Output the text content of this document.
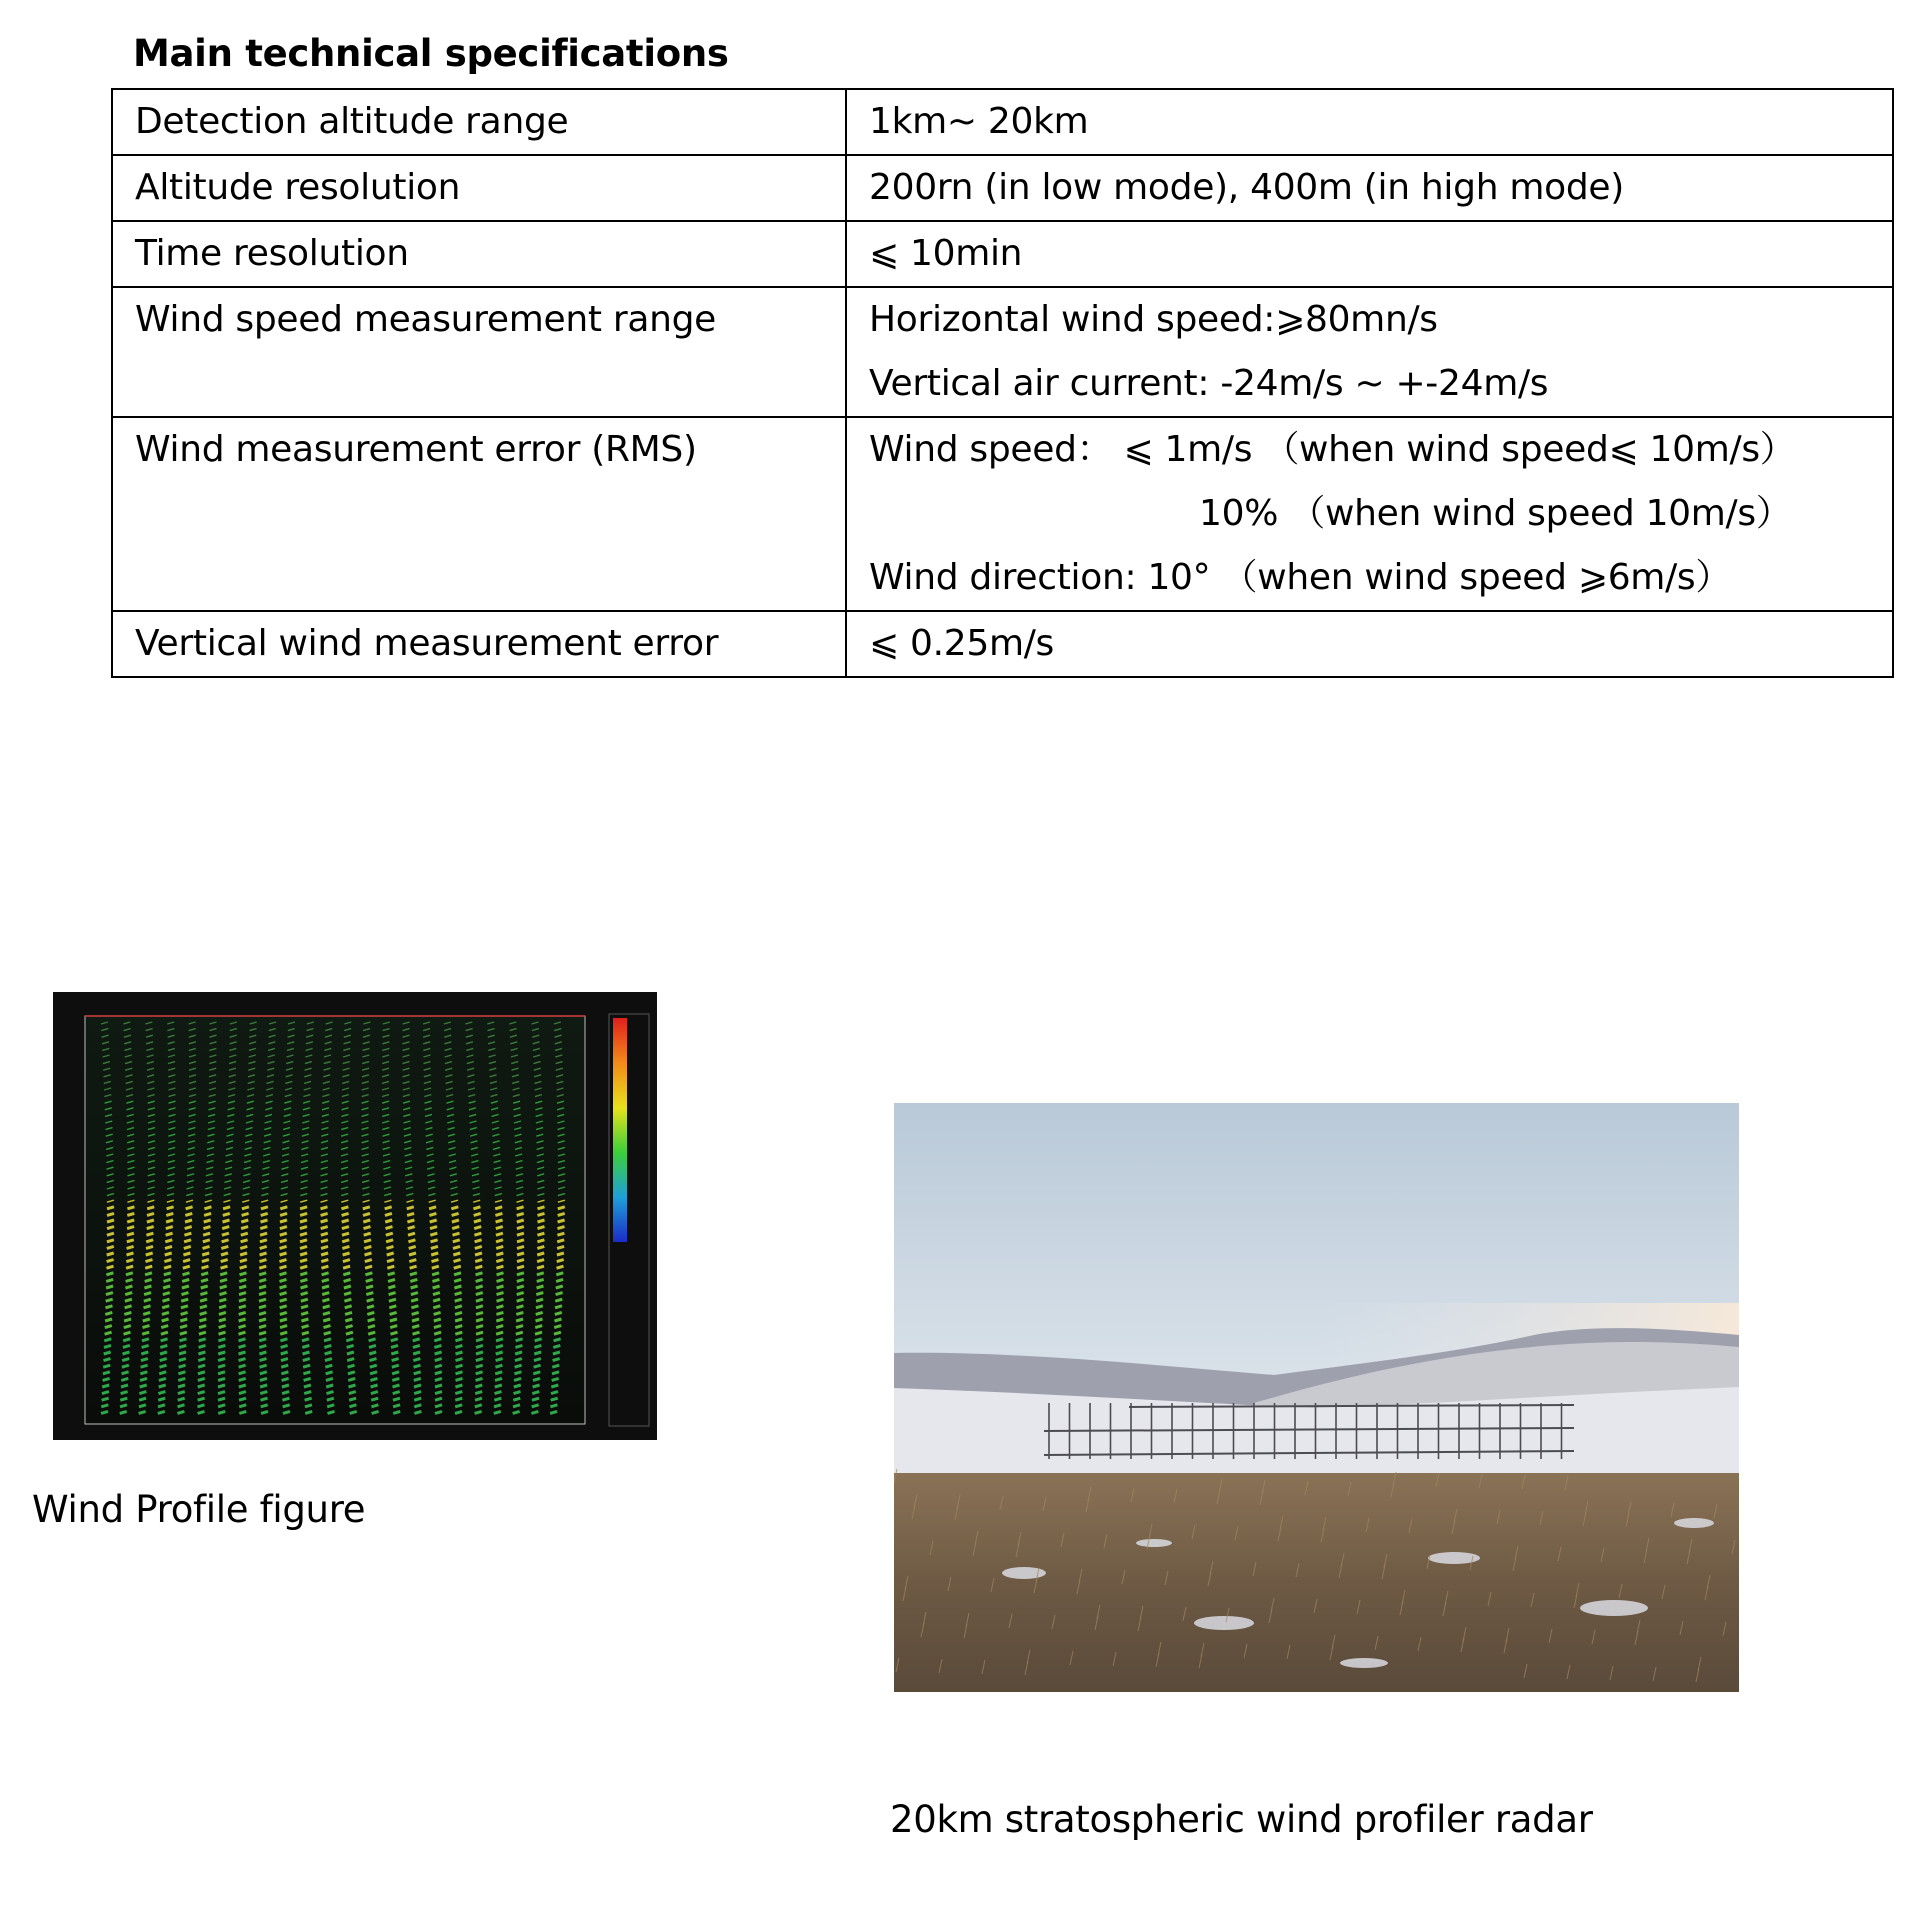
Main technical specifications
Detection altitude range	1km~ 20km

Altitude resolution	200rn (in low mode), 400m (in high mode)

Time resolution	⩽ 10min

Wind speed measurement range	Horizontal wind speed:⩾80mn/s
Vertical air current: -24m/s ~ +-24m/s

Wind measurement error (RMS)	Wind speed： ⩽ 1m/s （when wind speed⩽ 10m/s）
10% （when wind speed 10m/s）
Wind direction: 10° （when wind speed ⩾6m/s）

Vertical wind measurement error	⩽ 0.25m/s
Wind Profile figure
20km stratospheric wind profiler radar
